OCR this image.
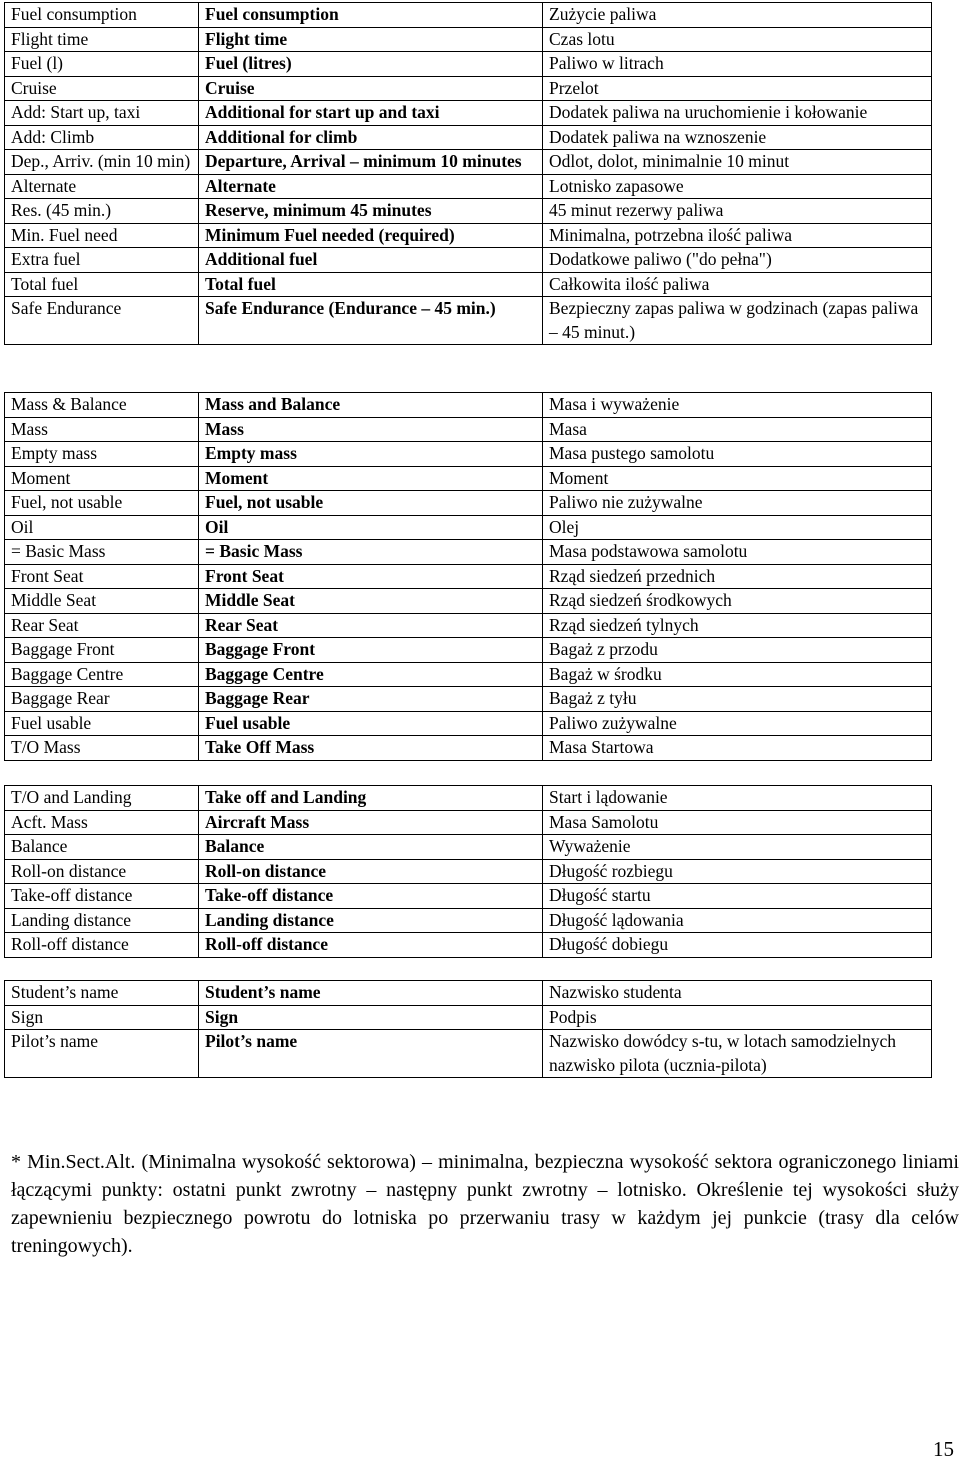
Fuel consumption	Fuel consumption	Zużycie paliwa
Flight time	Flight time	Czas lotu
Fuel (l)	Fuel (litres)	Paliwo w litrach
Cruise	Cruise	Przelot
Add: Start up, taxi	Additional for start up and taxi	Dodatek paliwa na uruchomienie i kołowanie
Add: Climb	Additional for climb	Dodatek paliwa na wznoszenie
Dep., Arriv. (min 10 min)	Departure, Arrival – minimum 10 minutes	Odlot, dolot, minimalnie 10 minut
Alternate	Alternate	Lotnisko zapasowe
Res. (45 min.)	Reserve, minimum 45 minutes	45 minut rezerwy paliwa
Min. Fuel need	Minimum Fuel needed (required)	Minimalna, potrzebna ilość paliwa
Extra fuel	Additional fuel	Dodatkowe paliwo ("do pełna")
Total fuel	Total fuel	Całkowita ilość paliwa
Safe Endurance	Safe Endurance (Endurance – 45 min.)	Bezpieczny zapas paliwa w godzinach (zapas paliwa – 45 minut.)
Mass & Balance	Mass and Balance	Masa i wyważenie
Mass	Mass	Masa
Empty mass	Empty mass	Masa pustego samolotu
Moment	Moment	Moment
Fuel, not usable	Fuel, not usable	Paliwo nie zużywalne
Oil	Oil	Olej
= Basic Mass	= Basic Mass	Masa podstawowa samolotu
Front Seat	Front Seat	Rząd siedzeń przednich
Middle Seat	Middle Seat	Rząd siedzeń środkowych
Rear Seat	Rear Seat	Rząd siedzeń tylnych
Baggage Front	Baggage Front	Bagaż z przodu
Baggage Centre	Baggage Centre	Bagaż w środku
Baggage Rear	Baggage Rear	Bagaż z tyłu
Fuel usable	Fuel usable	Paliwo zużywalne
T/O Mass	Take Off Mass	Masa Startowa
T/O and Landing	Take off and Landing	Start i lądowanie
Acft. Mass	Aircraft Mass	Masa Samolotu
Balance	Balance	Wyważenie
Roll-on distance	Roll-on distance	Długość rozbiegu
Take-off distance	Take-off distance	Długość startu
Landing distance	Landing distance	Długość lądowania
Roll-off distance	Roll-off distance	Długość dobiegu
Student’s name	Student’s name	Nazwisko studenta
Sign	Sign	Podpis
Pilot’s name	Pilot’s name	Nazwisko dowódcy s-tu, w lotach samodzielnych nazwisko pilota (ucznia-pilota)

* Min.Sect.Alt. (Minimalna wysokość sektorowa) – minimalna, bezpieczna wysokość sektora ograniczonego liniami łączącymi punkty: ostatni punkt zwrotny – następny punkt zwrotny – lotnisko. Określenie tej wysokości służy zapewnieniu bezpiecznego powrotu do lotniska po przerwaniu trasy w każdym jej punkcie (trasy dla celów treningowych).

15
